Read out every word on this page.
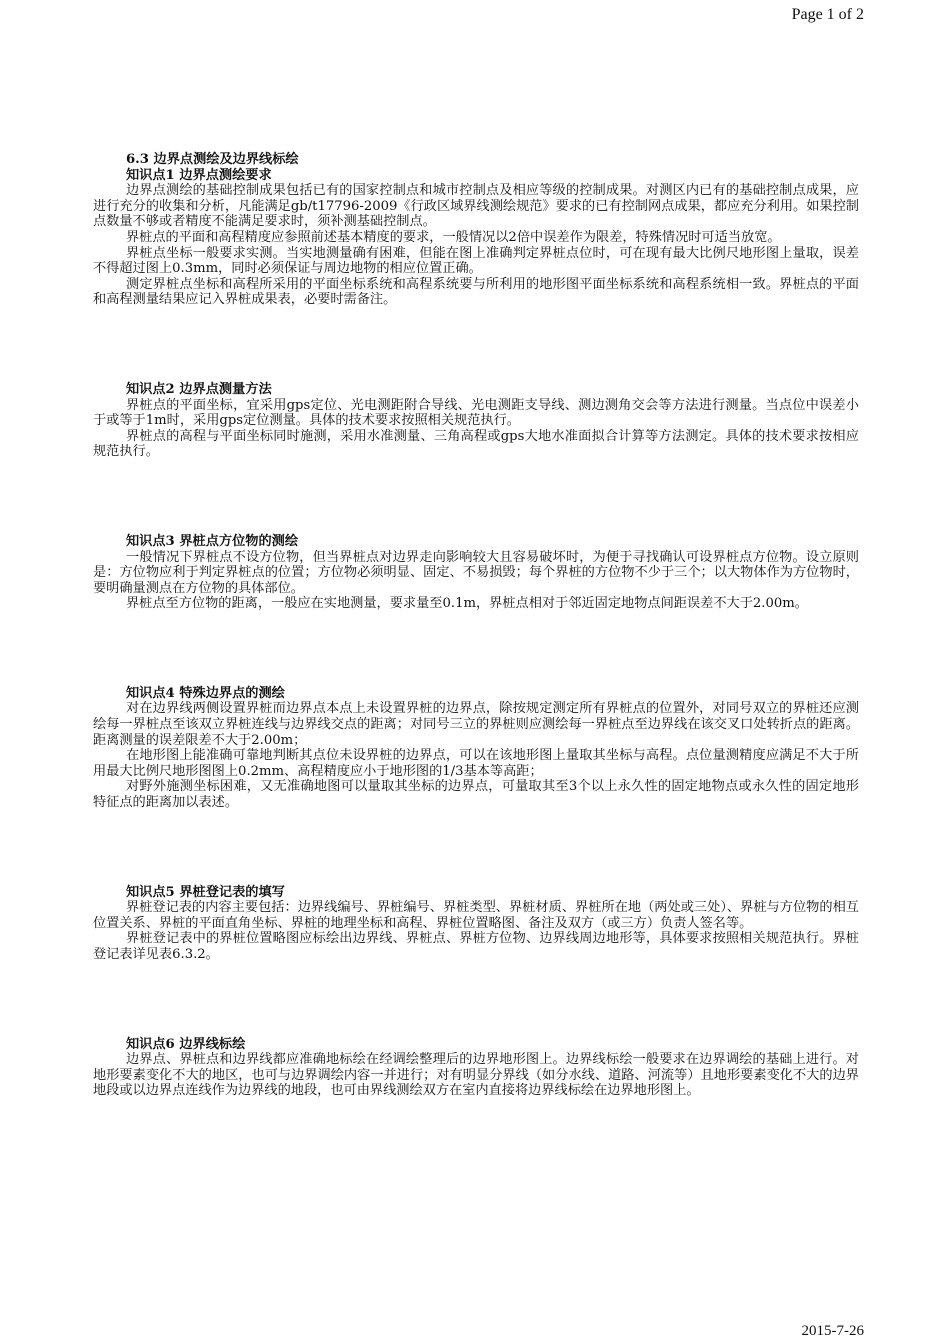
Page 1 of 2

6.3 边界点测绘及边界线标绘

知识点1 边界点测绘要求

边界点测绘的基础控制成果包括已有的国家控制点和城市控制点及相应等级的控制成果。对测区内已有的基础控制点成果，应进行充分的收集和分析，凡能满足gb/t17796-2009《行政区域界线测绘规范》要求的已有控制网点成果，都应充分利用。如果控制点数量不够或者精度不能满足要求时，须补测基础控制点。

界桩点的平面和高程精度应参照前述基本精度的要求，一般情况以2倍中误差作为限差，特殊情况时可适当放宽。

界桩点坐标一般要求实测。当实地测量确有困难，但能在图上准确判定界桩点位时，可在现有最大比例尺地形图上量取，误差不得超过图上0.3mm，同时必须保证与周边地物的相应位置正确。

测定界桩点坐标和高程所采用的平面坐标系统和高程系统要与所利用的地形图平面坐标系统和高程系统相一致。界桩点的平面和高程测量结果应记入界桩成果表，必要时需备注。

知识点2 边界点测量方法

界桩点的平面坐标，宜采用gps定位、光电测距附合导线、光电测距支导线、测边测角交会等方法进行测量。当点位中误差小于或等于1m时，采用gps定位测量。具体的技术要求按照相关规范执行。

界桩点的高程与平面坐标同时施测，采用水准测量、三角高程或gps大地水准面拟合计算等方法测定。具体的技术要求按相应规范执行。

知识点3 界桩点方位物的测绘

一般情况下界桩点不设方位物，但当界桩点对边界走向影响较大且容易破坏时，为便于寻找确认可设界桩点方位物。设立原则是：方位物应利于判定界桩点的位置；方位物必须明显、固定、不易损毁；每个界桩的方位物不少于三个；以大物体作为方位物时，要明确量测点在方位物的具体部位。

界桩点至方位物的距离，一般应在实地测量，要求量至0.1m，界桩点相对于邻近固定地物点间距误差不大于2.00m。

知识点4 特殊边界点的测绘

对在边界线两侧设置界桩而边界点本点上未设置界桩的边界点，除按规定测定所有界桩点的位置外，对同号双立的界桩还应测绘每一界桩点至该双立界桩连线与边界线交点的距离；对同号三立的界桩则应测绘每一界桩点至边界线在该交叉口处转折点的距离。距离测量的误差限差不大于2.00m；

在地形图上能准确可靠地判断其点位未设界桩的边界点，可以在该地形图上量取其坐标与高程。点位量测精度应满足不大于所用最大比例尺地形图图上0.2mm、高程精度应小于地形图的1/3基本等高距；

对野外施测坐标困难，又无准确地图可以量取其坐标的边界点，可量取其至3个以上永久性的固定地物点或永久性的固定地形特征点的距离加以表述。

知识点5 界桩登记表的填写

界桩登记表的内容主要包括：边界线编号、界桩编号、界桩类型、界桩材质、界桩所在地（两处或三处）、界桩与方位物的相互位置关系、界桩的平面直角坐标、界桩的地理坐标和高程、界桩位置略图、备注及双方（或三方）负责人签名等。

界桩登记表中的界桩位置略图应标绘出边界线、界桩点、界桩方位物、边界线周边地形等，具体要求按照相关规范执行。界桩登记表详见表6.3.2。

知识点6 边界线标绘

边界点、界桩点和边界线都应准确地标绘在经调绘整理后的边界地形图上。边界线标绘一般要求在边界调绘的基础上进行。对地形要素变化不大的地区，也可与边界调绘内容一并进行；对有明显分界线（如分水线、道路、河流等）且地形要素变化不大的边界地段或以边界点连线作为边界线的地段，也可由界线测绘双方在室内直接将边界线标绘在边界地形图上。

2015-7-26
